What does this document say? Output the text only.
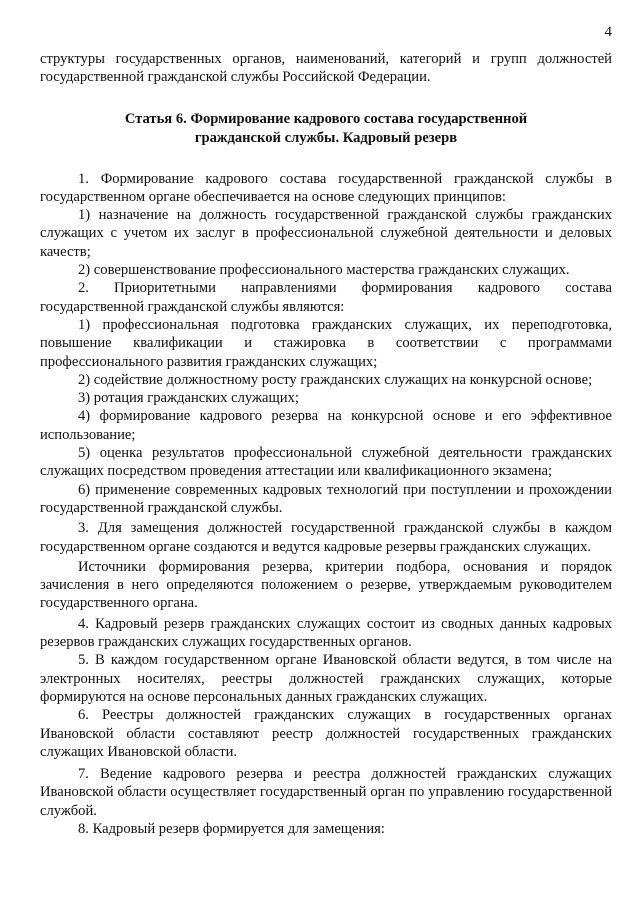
4

структуры государственных органов, наименований, категорий и групп должностей государственной гражданской службы Российской Федерации.

Статья 6. Формирование кадрового состава государственной
гражданской службы. Кадровый резерв

1. Формирование кадрового состава государственной гражданской службы в государственном органе обеспечивается на основе следующих принципов:

1) назначение на должность государственной гражданской службы гражданских служащих с учетом их заслуг в профессиональной служебной деятельности и деловых качеств;

2) совершенствование профессионального мастерства гражданских служащих.

2. Приоритетными направлениями формирования кадрового состава государственной гражданской службы являются:

1) профессиональная подготовка гражданских служащих, их переподготовка, повышение квалификации и стажировка в соответствии с программами профессионального развития гражданских служащих;

2) содействие должностному росту гражданских служащих на конкурсной основе;

3) ротация гражданских служащих;

4) формирование кадрового резерва на конкурсной основе и его эффективное использование;

5) оценка результатов профессиональной служебной деятельности гражданских служащих посредством проведения аттестации или квалификационного экзамена;

6) применение современных кадровых технологий при поступлении и прохождении государственной гражданской службы.

3. Для замещения должностей государственной гражданской службы в каждом государственном органе создаются и ведутся кадровые резервы гражданских служащих.

Источники формирования резерва, критерии подбора, основания и порядок зачисления в него определяются положением о резерве, утверждаемым руководителем государственного органа.

4. Кадровый резерв гражданских служащих состоит из сводных данных кадровых резервов гражданских служащих государственных органов.

5. В каждом государственном органе Ивановской области ведутся, в том числе на электронных носителях, реестры должностей гражданских служащих, которые формируются на основе персональных данных гражданских служащих.

6. Реестры должностей гражданских служащих в государственных органах Ивановской области составляют реестр должностей государственных гражданских служащих Ивановской области.

7. Ведение кадрового резерва и реестра должностей гражданских служащих Ивановской области осуществляет государственный орган по управлению государственной службой.

8. Кадровый резерв формируется для замещения:
